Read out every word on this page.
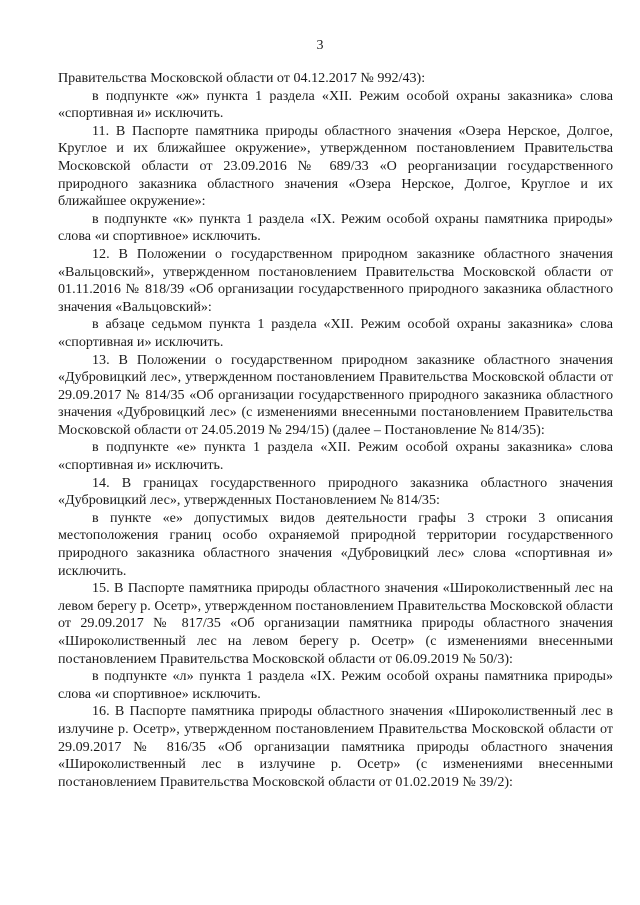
3

Правительства Московской области от 04.12.2017 № 992/43):

в подпункте «ж» пункта 1 раздела «XII. Режим особой охраны заказника» слова «спортивная и» исключить.

11. В Паспорте памятника природы областного значения «Озера Нерское, Долгое, Круглое и их ближайшее окружение», утвержденном постановлением Правительства Московской области от 23.09.2016 № 689/33 «О реорганизации государственного природного заказника областного значения «Озера Нерское, Долгое, Круглое и их ближайшее окружение»:

в подпункте «к» пункта 1 раздела «IX. Режим особой охраны памятника природы» слова «и спортивное» исключить.

12. В Положении о государственном природном заказнике областного значения «Вальцовский», утвержденном постановлением Правительства Московской области от 01.11.2016 № 818/39 «Об организации государственного природного заказника областного значения «Вальцовский»:

в абзаце седьмом пункта 1 раздела «XII. Режим особой охраны заказника» слова «спортивная и» исключить.

13. В Положении о государственном природном заказнике областного значения «Дубровицкий лес», утвержденном постановлением Правительства Московской области от 29.09.2017 № 814/35 «Об организации государственного природного заказника областного значения «Дубровицкий лес» (с изменениями внесенными постановлением Правительства Московской области от 24.05.2019 № 294/15) (далее – Постановление № 814/35):

в подпункте «е» пункта 1 раздела «XII. Режим особой охраны заказника» слова «спортивная и» исключить.

14. В границах государственного природного заказника областного значения «Дубровицкий лес», утвержденных Постановлением № 814/35:

в пункте «е» допустимых видов деятельности графы 3 строки 3 описания местоположения границ особо охраняемой природной территории государственного природного заказника областного значения «Дубровицкий лес» слова «спортивная и» исключить.

15. В Паспорте памятника природы областного значения «Широколиственный лес на левом берегу р. Осетр», утвержденном постановлением Правительства Московской области от 29.09.2017 № 817/35 «Об организации памятника природы областного значения «Широколиственный лес на левом берегу р. Осетр» (с изменениями внесенными постановлением Правительства Московской области от 06.09.2019 № 50/3):

в подпункте «л» пункта 1 раздела «IX. Режим особой охраны памятника природы» слова «и спортивное» исключить.

16. В Паспорте памятника природы областного значения «Широколиственный лес в излучине р. Осетр», утвержденном постановлением Правительства Московской области от 29.09.2017 № 816/35 «Об организации памятника природы областного значения «Широколиственный лес в излучине р. Осетр» (с изменениями внесенными постановлением Правительства Московской области от 01.02.2019 № 39/2):
